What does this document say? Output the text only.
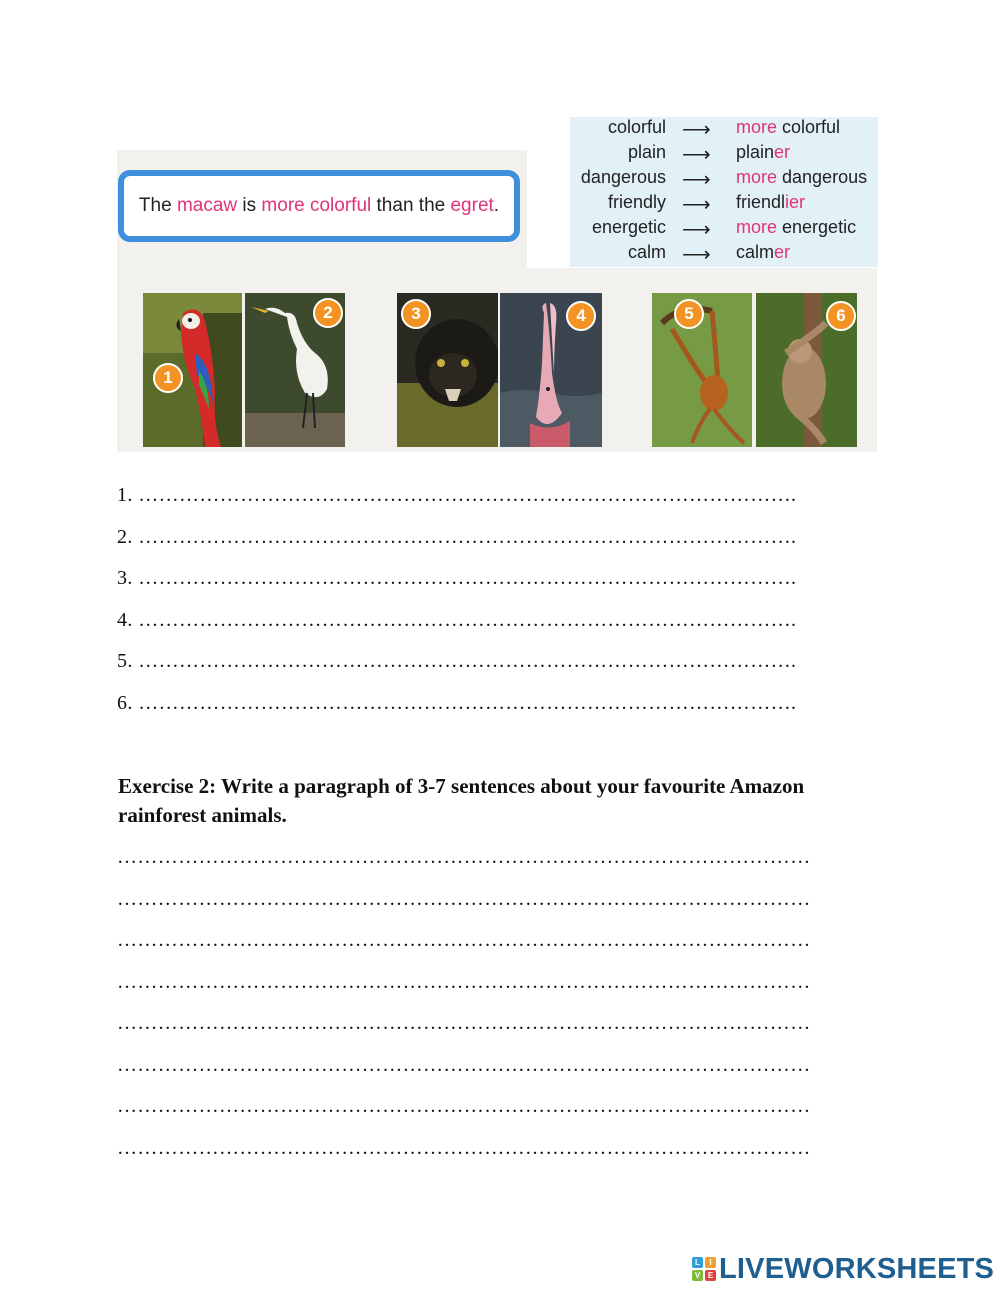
The
macaw
is
more colorful
than the
egret .
colorful ⟶ more colorful
plain ⟶ plainer
dangerous ⟶ more dangerous
friendly ⟶ friendlier
energetic ⟶ more energetic
calm ⟶ calmer
1
2	3	4	5	6
1. …………………………………………………………………………………….
2. …………………………………………………………………………………….
3. …………………………………………………………………………………….
4. …………………………………………………………………………………….
5. …………………………………………………………………………………….
6. …………………………………………………………………………………….
Exercise 2: Write a paragraph of 3-7 sentences about your favourite Amazon rainforest animals.
…………………………………………………………………………………………
…………………………………………………………………………………………
…………………………………………………………………………………………
…………………………………………………………………………………………
…………………………………………………………………………………………
…………………………………………………………………………………………
…………………………………………………………………………………………
…………………………………………………………………………………………
L	I
V E LIVEWORKSHEETS
